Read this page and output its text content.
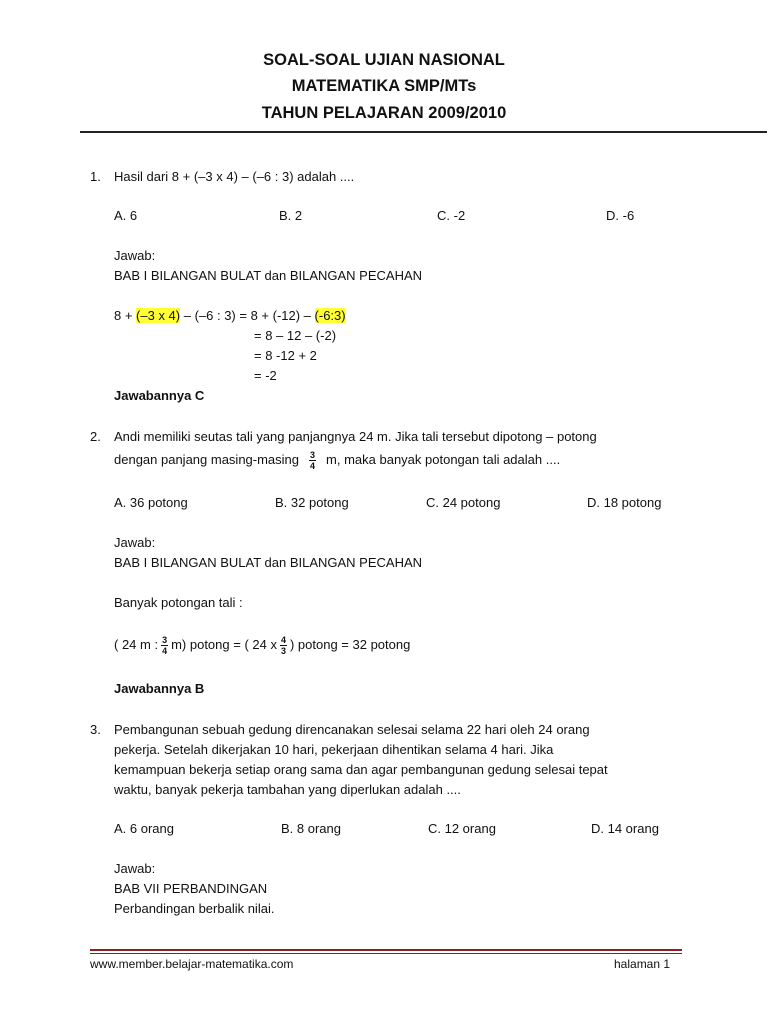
SOAL-SOAL UJIAN NASIONAL
MATEMATIKA SMP/MTs
TAHUN PELAJARAN 2009/2010
1. Hasil dari 8 + (–3 x 4) – (–6 : 3) adalah ....
A. 6	B. 2	C. -2	D. -6
Jawab:
BAB I BILANGAN BULAT dan BILANGAN PECAHAN
8 + (–3 x 4) – (–6 : 3) = 8 + (-12) – (-6:3)
= 8 – 12 – (-2)
= 8 -12 + 2
= -2
Jawabannya C
2. Andi memiliki seutas tali yang panjangnya 24 m. Jika tali tersebut dipotong – potong
dengan panjang $masing-masing \frac{3}{4} m$, maka banyak potongan tali adalah ....
A. 36 potong	B. 32 potong	C. 24 potong	D. 18 potong
Jawab:
BAB I BILANGAN BULAT dan BILANGAN PECAHAN
Banyak potongan tali :
( 24 m : $\frac{3}{4} m$) potong = ( 24 x $\frac{4}{3}$ ) potong = 32 potong
Jawabannya B
3. Pembangunan sebuah gedung direncanakan selesai selama 22 hari oleh 24 orang
pekerja. Setelah dikerjakan 10 hari, pekerjaan dihentikan selama 4 hari. Jika
kemampuan bekerja setiap orang sama dan agar pembangunan gedung selesai tepat
waktu, banyak pekerja tambahan yang diperlukan adalah ....
A. 6 orang	B. 8 orang	C. 12 orang	D. 14 orang
Jawab:
BAB VII PERBANDINGAN
Perbandingan berbalik nilai.
www.member.belajar-matematika.com	halaman 1
